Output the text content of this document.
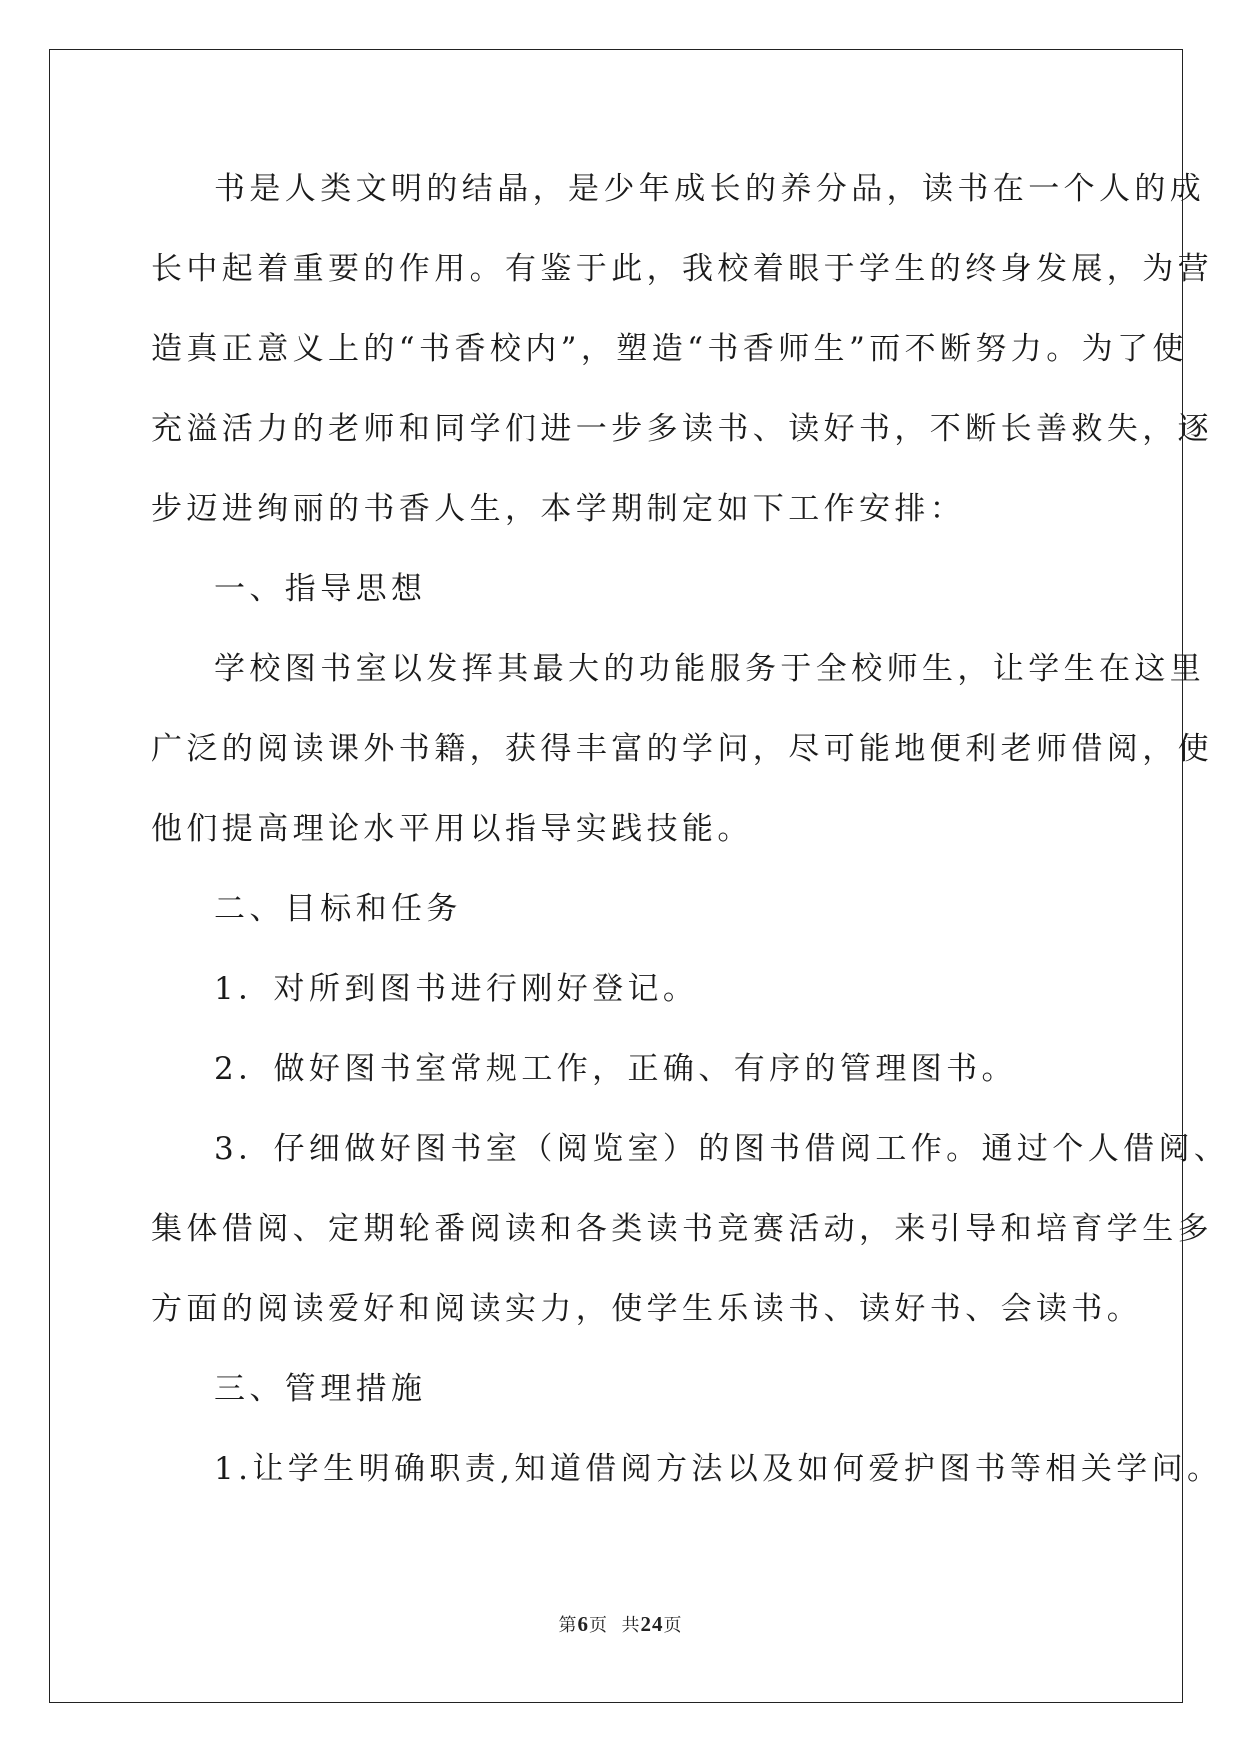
书是人类文明的结晶，是少年成长的养分品，读书在一个人的成
长中起着重要的作用。有鉴于此，我校着眼于学生的终身发展，为营
造真正意义上的“书香校内”，塑造“书香师生”而不断努力。为了使
充溢活力的老师和同学们进一步多读书、读好书，不断长善救失，逐
步迈进绚丽的书香人生，本学期制定如下工作安排：
一、指导思想
学校图书室以发挥其最大的功能服务于全校师生，让学生在这里
广泛的阅读课外书籍，获得丰富的学问，尽可能地便利老师借阅，使
他们提高理论水平用以指导实践技能。
二、目标和任务
1．对所到图书进行刚好登记。
2．做好图书室常规工作，正确、有序的管理图书。
3．仔细做好图书室（阅览室）的图书借阅工作。通过个人借阅、
集体借阅、定期轮番阅读和各类读书竞赛活动，来引导和培育学生多
方面的阅读爱好和阅读实力，使学生乐读书、读好书、会读书。
三、管理措施
1.让学生明确职责,知道借阅方法以及如何爱护图书等相关学问。
第6页  共24页
